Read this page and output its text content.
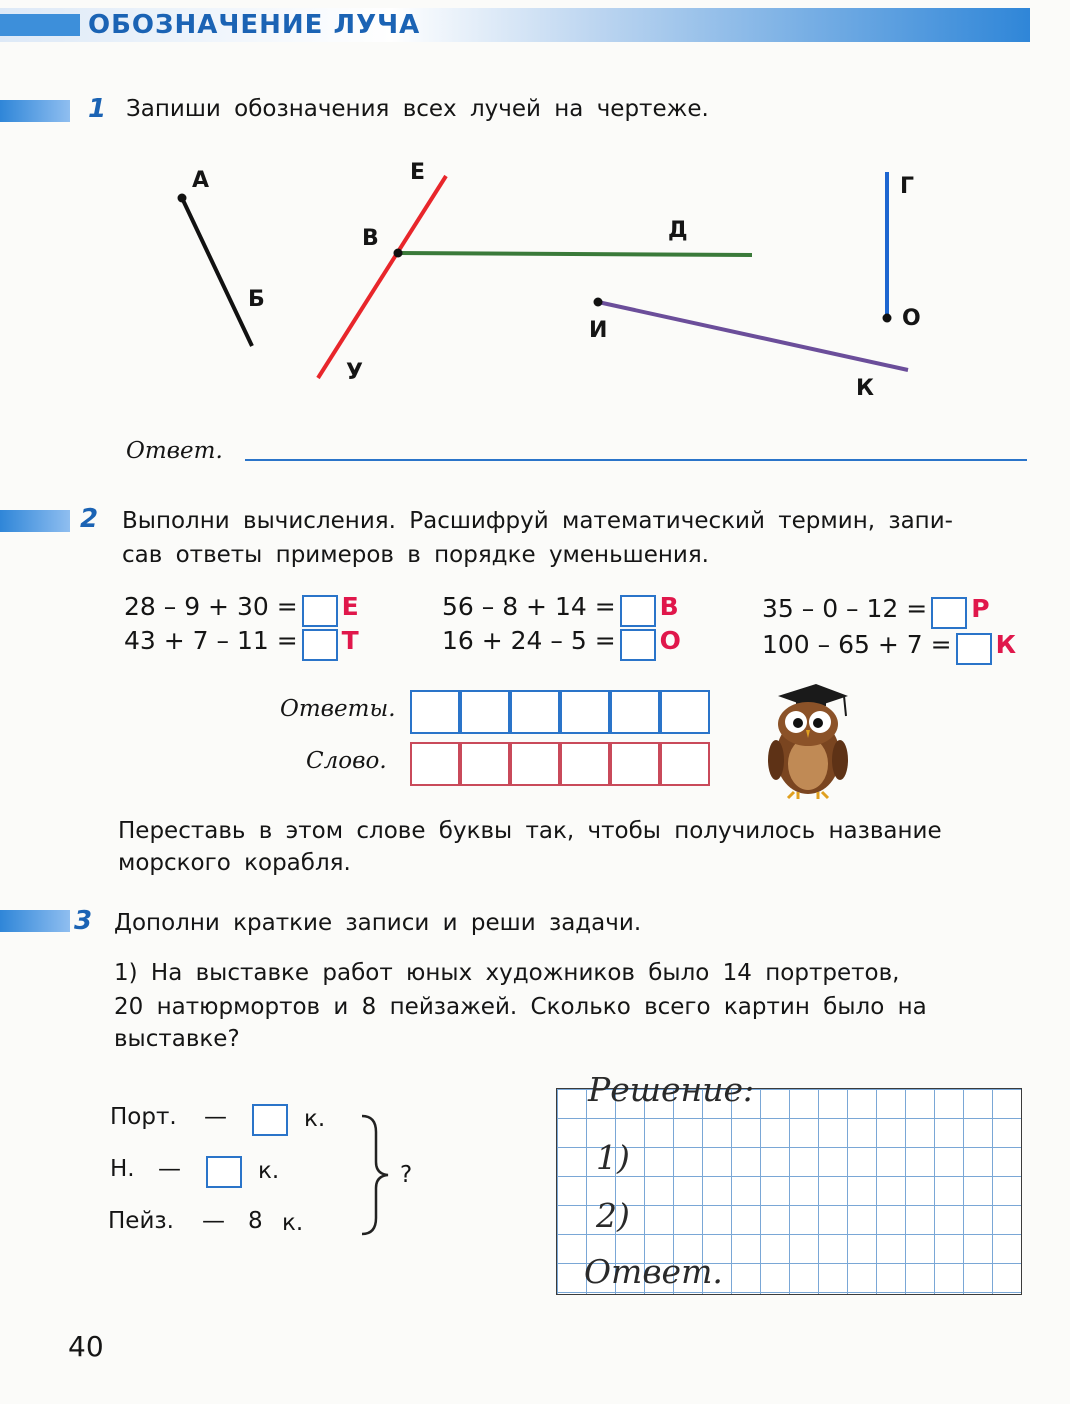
ОБОЗНАЧЕНИЕ ЛУЧА
1 Запиши обозначения всех лучей на чертеже.
А
Б
Е
В
У
Д
Г
О
И
К
Ответ.
2 Выполни вычисления. Расшифруй математический термин, запи-
сав ответы примеров в порядке уменьшения.
28 – 9 + 30 = Е
43 + 7 – 11 = Т
56 – 8 + 14 = В
16 + 24 – 5 = О
35 – 0 – 12 = Р
100 – 65 + 7 = К
Ответы.
Слово.
Переставь в этом слове буквы так, чтобы получилось название
морского корабля.
3 Дополни краткие записи и реши задачи.
1) На выставке работ юных художников было 14 портретов,
20 натюрмортов и 8 пейзажей. Сколько всего картин было на
выставке?
Порт. —	к.
Н. —	к.
Пейз. — 8 к.
?
Решение:
1)
2)
Ответ.
40
